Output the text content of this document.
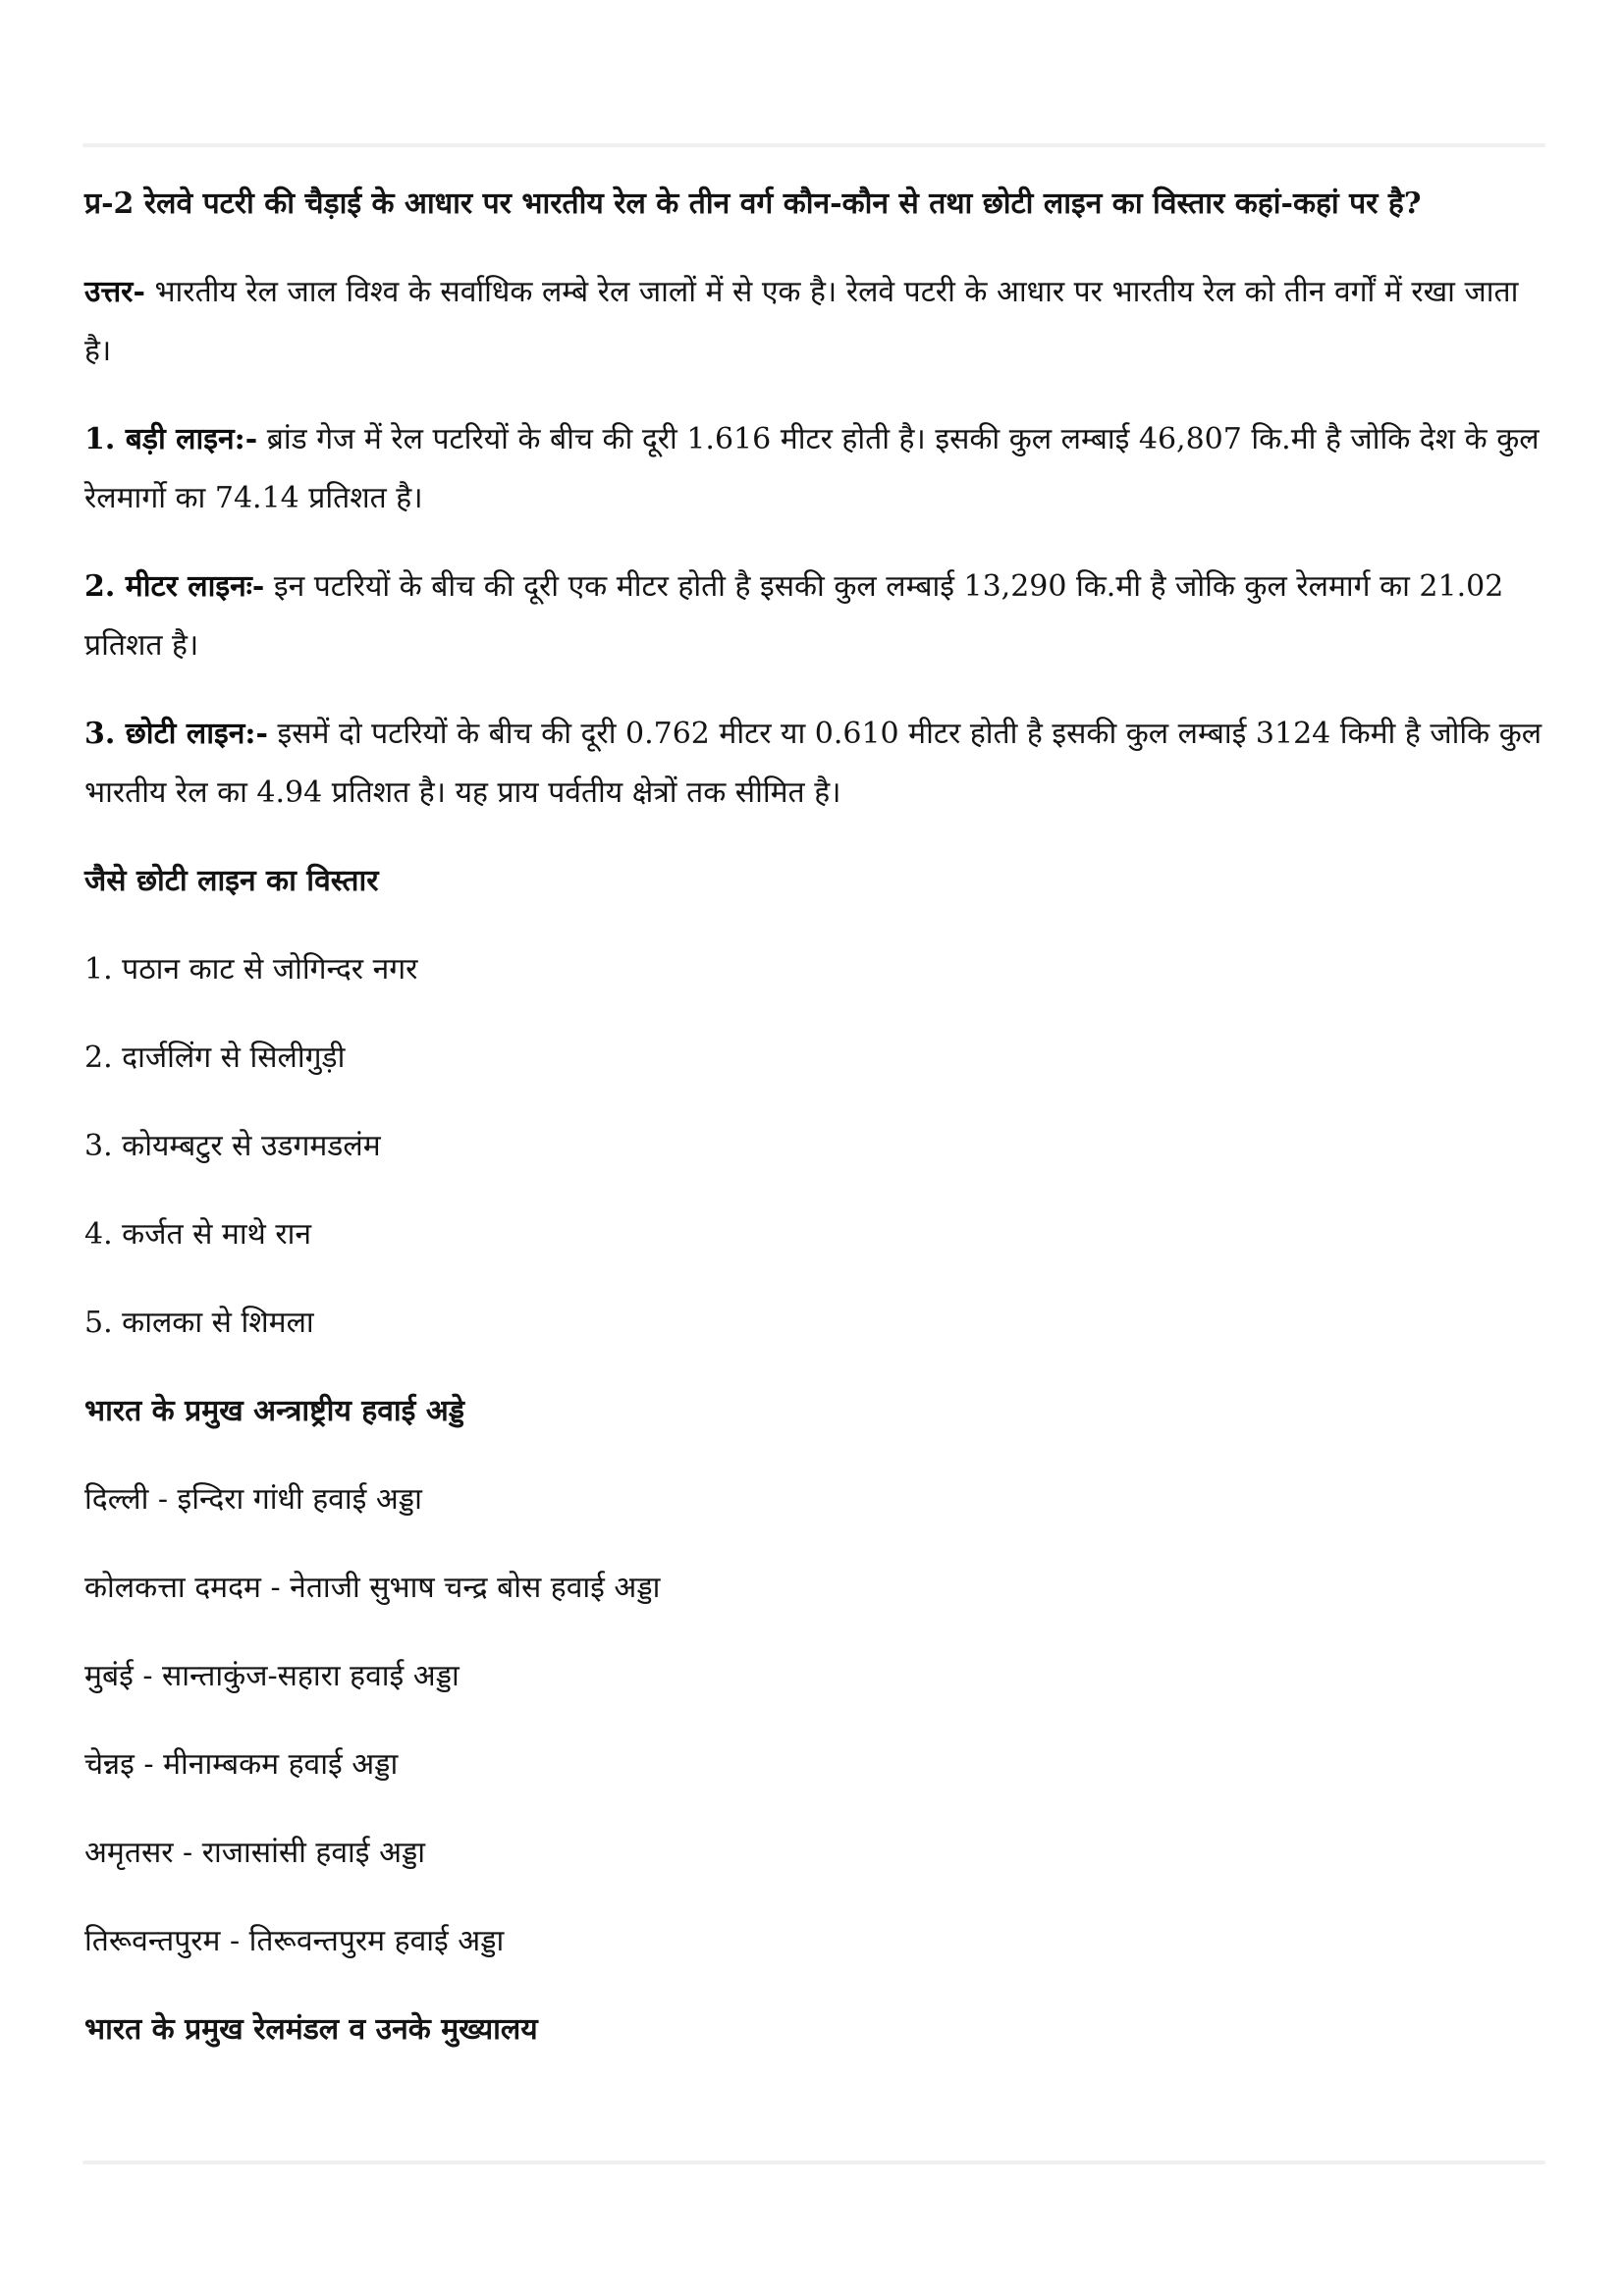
प्र-2 रेलवे पटरी की चैड़ाई के आधार पर भारतीय रेल के तीन वर्ग कौन-कौन से तथा छोटी लाइन का विस्तार कहां-कहां पर है?

उत्तर- भारतीय रेल जाल विश्व के सर्वाधिक लम्बे रेल जालों में से एक है। रेलवे पटरी के आधार पर भारतीय रेल को तीन वर्गों में रखा जाता है।

1. बड़ी लाइन:- ब्रांड गेज में रेल पटरियों के बीच की दूरी 1.616 मीटर होती है। इसकी कुल लम्बाई 46,807 कि.मी है जोकि देश के कुल रेलमार्गो का 74.14 प्रतिशत है।

2. मीटर लाइनः- इन पटरियों के बीच की दूरी एक मीटर होती है इसकी कुल लम्बाई 13,290 कि.मी है जोकि कुल रेलमार्ग का 21.02 प्रतिशत है।

3. छोटी लाइन:- इसमें दो पटरियों के बीच की दूरी 0.762 मीटर या 0.610 मीटर होती है इसकी कुल लम्बाई 3124 किमी है जोकि कुल भारतीय रेल का 4.94 प्रतिशत है। यह प्राय पर्वतीय क्षेत्रों तक सीमित है।

जैसे छोटी लाइन का विस्तार

1. पठान काट से जोगिन्दर नगर

2. दार्जलिंग से सिलीगुड़ी

3. कोयम्बटुर से उडगमडलंम

4. कर्जत से माथे रान

5. कालका से शिमला

भारत के प्रमुख अन्त्राष्ट्रीय हवाई अड्डे

दिल्ली - इन्दिरा गांधी हवाई अड्डा

कोलकत्ता दमदम - नेताजी सुभाष चन्द्र बोस हवाई अड्डा

मुबंई - सान्ताकुंज-सहारा हवाई अड्डा

चेन्नइ - मीनाम्बकम हवाई अड्डा

अमृतसर - राजासांसी हवाई अड्डा

तिरूवन्तपुरम - तिरूवन्तपुरम हवाई अड्डा

भारत के प्रमुख रेलमंडल व उनके मुख्यालय
